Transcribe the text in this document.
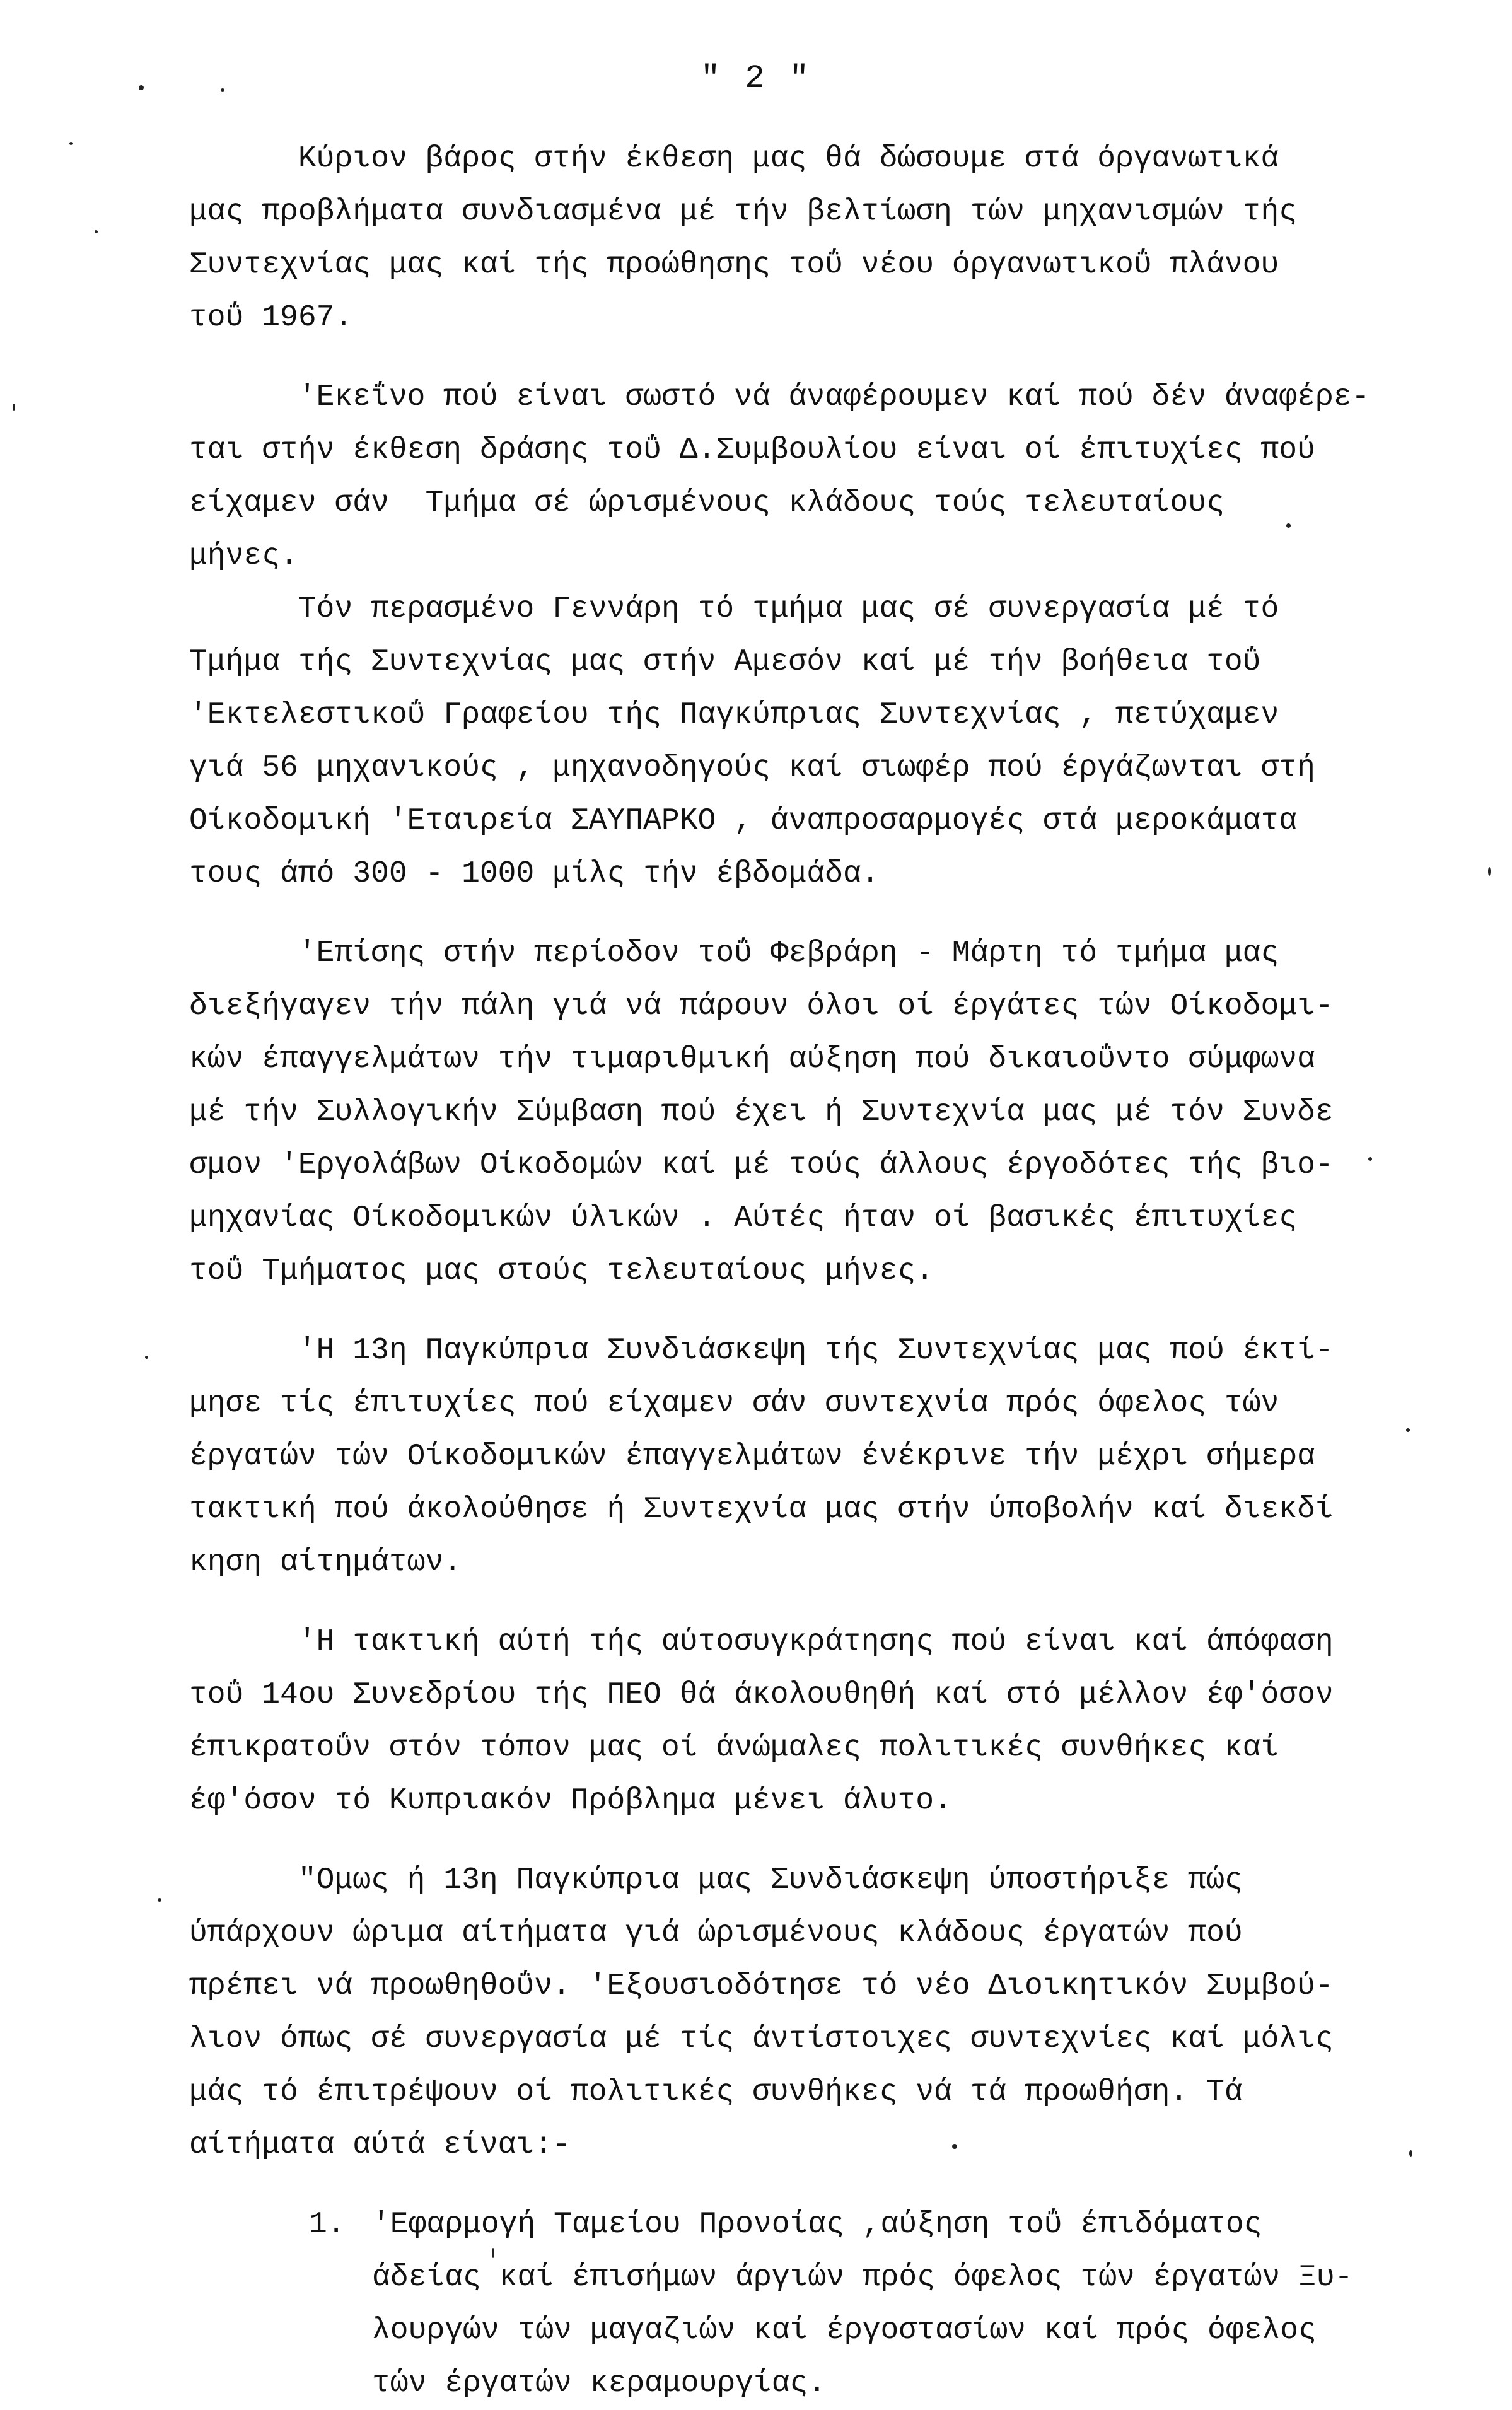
" 2 "
Κύριον βάρος στήν έκθεση μας θά δώσουμε στά όργανωτικά
μας προβλήματα συνδιασμένα μέ τήν βελτίωση τών μηχανισμών τής
Συντεχνίας μας καί τής προώθησης τοΰ νέου όργανωτικοΰ πλάνου
τοΰ 1967.
'Εκεΐνο πού είναι σωστό νά άναφέρουμεν καί πού δέν άναφέρε-
ται στήν έκθεση δράσης τοΰ Δ.Συμβουλίου είναι οί έπιτυχίες πού
είχαμεν σάν  Τμήμα σέ ώρισμένους κλάδους τούς τελευταίους
μήνες.
Τόν περασμένο Γεννάρη τό τμήμα μας σέ συνεργασία μέ τό
Τμήμα τής Συντεχνίας μας στήν Αμεσόν καί μέ τήν βοήθεια τοΰ
'Εκτελεστικοΰ Γραφείου τής Παγκύπριας Συντεχνίας , πετύχαμεν
γιά 56 μηχανικούς , μηχανοδηγούς καί σιωφέρ πού έργάζωνται στή
Οίκοδομική 'Εταιρεία ΣΑΥΠΑΡΚΟ , άναπροσαρμογές στά μεροκάματα
τους άπό 300 - 1000 μίλς τήν έβδομάδα.
'Επίσης στήν περίοδον τοΰ Φεβράρη - Μάρτη τό τμήμα μας
διεξήγαγεν τήν πάλη γιά νά πάρουν όλοι οί έργάτες τών Οίκοδομι-
κών έπαγγελμάτων τήν τιμαριθμική αύξηση πού δικαιοΰντο σύμφωνα
μέ τήν Συλλογικήν Σύμβαση πού έχει ή Συντεχνία μας μέ τόν Συνδε
σμον 'Εργολάβων Οίκοδομών καί μέ τούς άλλους έργοδότες τής βιο-
μηχανίας Οίκοδομικών ύλικών . Αύτές ήταν οί βασικές έπιτυχίες
τοΰ Τμήματος μας στούς τελευταίους μήνες.
'Η 13η Παγκύπρια Συνδιάσκεψη τής Συντεχνίας μας πού έκτί-
μησε τίς έπιτυχίες πού είχαμεν σάν συντεχνία πρός όφελος τών
έργατών τών Οίκοδομικών έπαγγελμάτων ένέκρινε τήν μέχρι σήμερα
τακτική πού άκολούθησε ή Συντεχνία μας στήν ύποβολήν καί διεκδί
κηση αίτημάτων.
'Η τακτική αύτή τής αύτοσυγκράτησης πού είναι καί άπόφαση
τοΰ 14ου Συνεδρίου τής ΠΕΟ θά άκολουθηθή καί στό μέλλον έφ'όσον
έπικρατοΰν στόν τόπον μας οί άνώμαλες πολιτικές συνθήκες καί
έφ'όσον τό Κυπριακόν Πρόβλημα μένει άλυτο.
"Ομως ή 13η Παγκύπρια μας Συνδιάσκεψη ύποστήριξε πώς
ύπάρχουν ώριμα αίτήματα γιά ώρισμένους κλάδους έργατών πού
πρέπει νά προωθηθοΰν. 'Εξουσιοδότησε τό νέο Διοικητικόν Συμβού-
λιον όπως σέ συνεργασία μέ τίς άντίστοιχες συντεχνίες καί μόλις
μάς τό έπιτρέψουν οί πολιτικές συνθήκες νά τά προωθήση. Τά
αίτήματα αύτά είναι:-
1. 'Εφαρμογή Ταμείου Προνοίας ,αύξηση τοΰ έπιδόματος
άδείας καί έπισήμων άργιών πρός όφελος τών έργατών Ξυ-
λουργών τών μαγαζιών καί έργοστασίων καί πρός όφελος
τών έργατών κεραμουργίας.
